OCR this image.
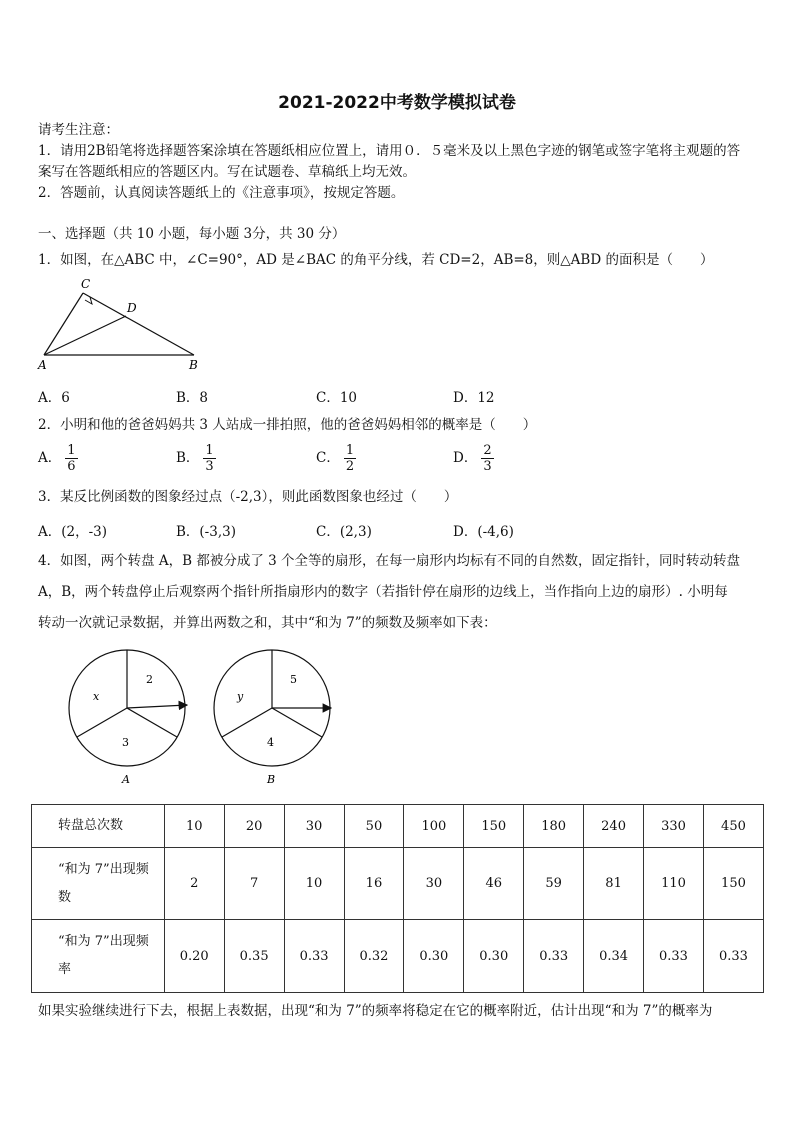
2021-2022中考数学模拟试卷
请考生注意：
1．请用2B铅笔将选择题答案涂填在答题纸相应位置上，请用０．５毫米及以上黑色字迹的钢笔或签字笔将主观题的答
案写在答题纸相应的答题区内。写在试题卷、草稿纸上均无效。
2．答题前，认真阅读答题纸上的《注意事项》，按规定答题。
一、选择题（共 10 小题，每小题 3分，共 30 分）
1．如图，在△ABC 中，∠C=90°，AD 是∠BAC 的角平分线，若 CD=2，AB=8，则△ABD 的面积是（　　）
C
D
A	B
A．6	B．8	C．10	D．12
2．小明和他的爸爸妈妈共 3 人站成一排拍照，他的爸爸妈妈相邻的概率是（　　）
A． $\frac{1}{6}$	B． $\frac{1}{3}$	C． $\frac{1}{2}$	D． $\frac{2}{3}$
3．某反比例函数的图象经过点（-2,3），则此函数图象也经过（　　）
A．(2，-3)	B．(-3,3)	C．(2,3)	D．(-4,6)
4．如图，两个转盘 A，B 都被分成了 3 个全等的扇形，在每一扇形内均标有不同的自然数，固定指针，同时转动转盘
A，B，两个转盘停止后观察两个指针所指扇形内的数字（若指针停在扇形的边线上，当作指向上边的扇形）. 小明每
转动一次就记录数据，并算出两数之和，其中“和为 7”的频数及频率如下表：
2
x
3
A
5
y
4
B
转盘总次数	10	20	30	50	100	150	180	240	330	450
“和为 7”出现频
数	2	7	10	16	30	46	59	81	110	150
“和为 7”出现频
率	0.20	0.35	0.33	0.32	0.30	0.30	0.33	0.34	0.33	0.33
如果实验继续进行下去，根据上表数据，出现“和为 7”的频率将稳定在它的概率附近，估计出现“和为 7”的概率为
